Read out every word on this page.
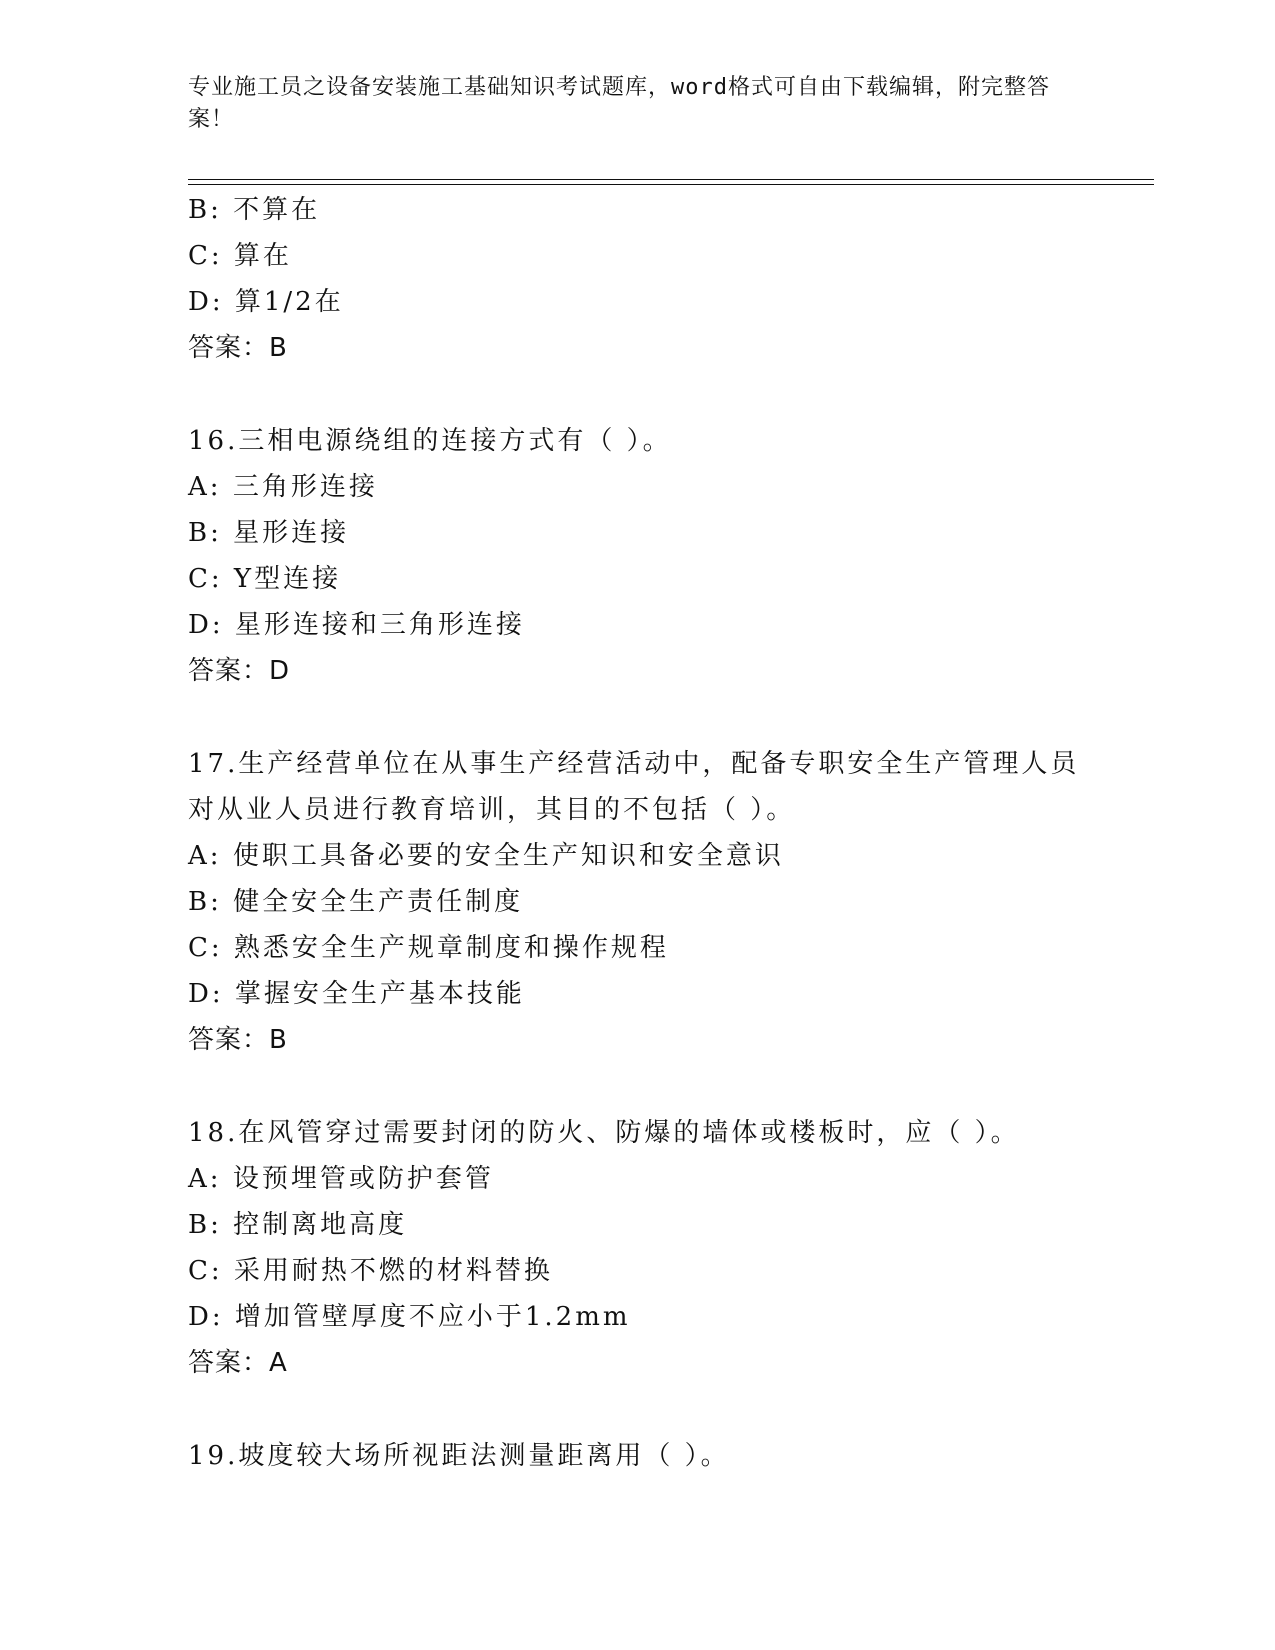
专业施工员之设备安装施工基础知识考试题库，word格式可自由下载编辑，附完整答案！
B: 不算在
C: 算在
D: 算1/2在
答案：B
16.三相电源绕组的连接方式有（ ）。
A: 三角形连接
B: 星形连接
C: Y型连接
D: 星形连接和三角形连接
答案：D
17.生产经营单位在从事生产经营活动中，配备专职安全生产管理人员
对从业人员进行教育培训，其目的不包括（ ）。
A: 使职工具备必要的安全生产知识和安全意识
B: 健全安全生产责任制度
C: 熟悉安全生产规章制度和操作规程
D: 掌握安全生产基本技能
答案：B
18.在风管穿过需要封闭的防火、防爆的墙体或楼板时，应（ ）。
A: 设预埋管或防护套管
B: 控制离地高度
C: 采用耐热不燃的材料替换
D: 增加管壁厚度不应小于1.2mm
答案：A
19.坡度较大场所视距法测量距离用（ ）。
